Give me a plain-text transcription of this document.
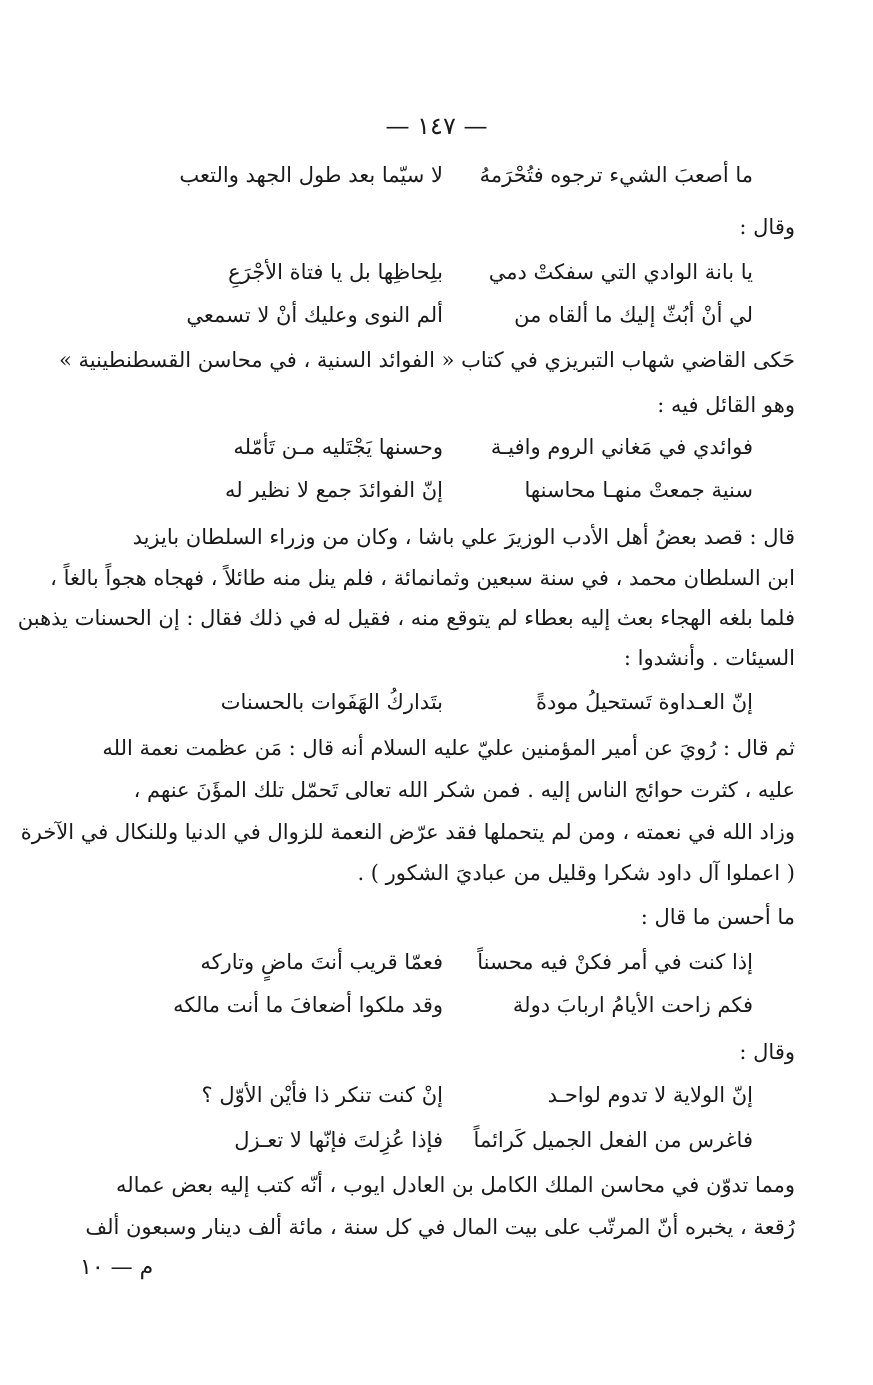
— ١٤٧ —
ما أصعبَ الشيء ترجوه فتُحْرَمهُ
لا سيّما بعد طول الجهد والتعب
وقال :
يا بانة الوادي التي سفكتْ دمي
بلِحاظِها بل يا فتاة الأجْرَعِ
لي أنْ أبُثّ إليك ما ألقاه من
ألم النوى وعليك أنْ لا تسمعي
حَكى القاضي شهاب التبريزي في كتاب « الفوائد السنية ، في محاسن القسطنطينية »
وهو القائل فيه :
فوائدي في مَغاني الروم وافيـة
وحسنها يَجْتَليه مـن تَأمّله
سنية جمعتْ منهـا محاسنها
إنّ الفوائدَ جمع لا نظير له
قال : قصد بعضُ أهل الأدب الوزيرَ علي باشا ، وكان من وزراء السلطان بايزيد
ابن السلطان محمد ، في سنة سبعين وثمانمائة ، فلم ينل منه طائلاً ، فهجاه هجواً بالغاً ،
فلما بلغه الهجاء بعث إليه بعطاء لم يتوقع منه ، فقيل له في ذلك فقال : إن الحسنات يذهبن
السيئات . وأنشدوا :
إنّ العـداوة تَستحيلُ مودةً
بتَداركُ الهَفَوات بالحسنات
ثم قال : رُويَ عن أمير المؤمنين عليّ عليه السلام أنه قال : مَن عظمت نعمة الله
عليه ، كثرت حوائج الناس إليه . فمن شكر الله تعالى تَحمّل تلك المؤَنَ عنهم ،
وزاد الله في نعمته ، ومن لم يتحملها فقد عرّض النعمة للزوال في الدنيا وللنكال في الآخرة
( اعملوا آل داود شكرا وقليل من عباديَ الشكور ) .
ما أحسن ما قال :
إذا كنت في أمر فكنْ فيه محسناً
فعمّا قريب أنتَ ماضٍ وتاركه
فكم زاحت الأيامُ اربابَ دولة
وقد ملكوا أضعافَ ما أنت مالكه
وقال :
إنّ الولاية لا تدوم لواحـد
إنْ كنت تنكر ذا فأيْن الأوّل ؟
فاغرس من الفعل الجميل كَرائماً
فإذا عُزِلتَ فإنّها لا تعـزل
ومما تدوّن في محاسن الملك الكامل بن العادل ايوب ، أنّه كتب إليه بعض عماله
رُقعة ، يخبره أنّ المرتّب على بيت المال في كل سنة ، مائة ألف دينار وسبعون ألف
م — ١٠
